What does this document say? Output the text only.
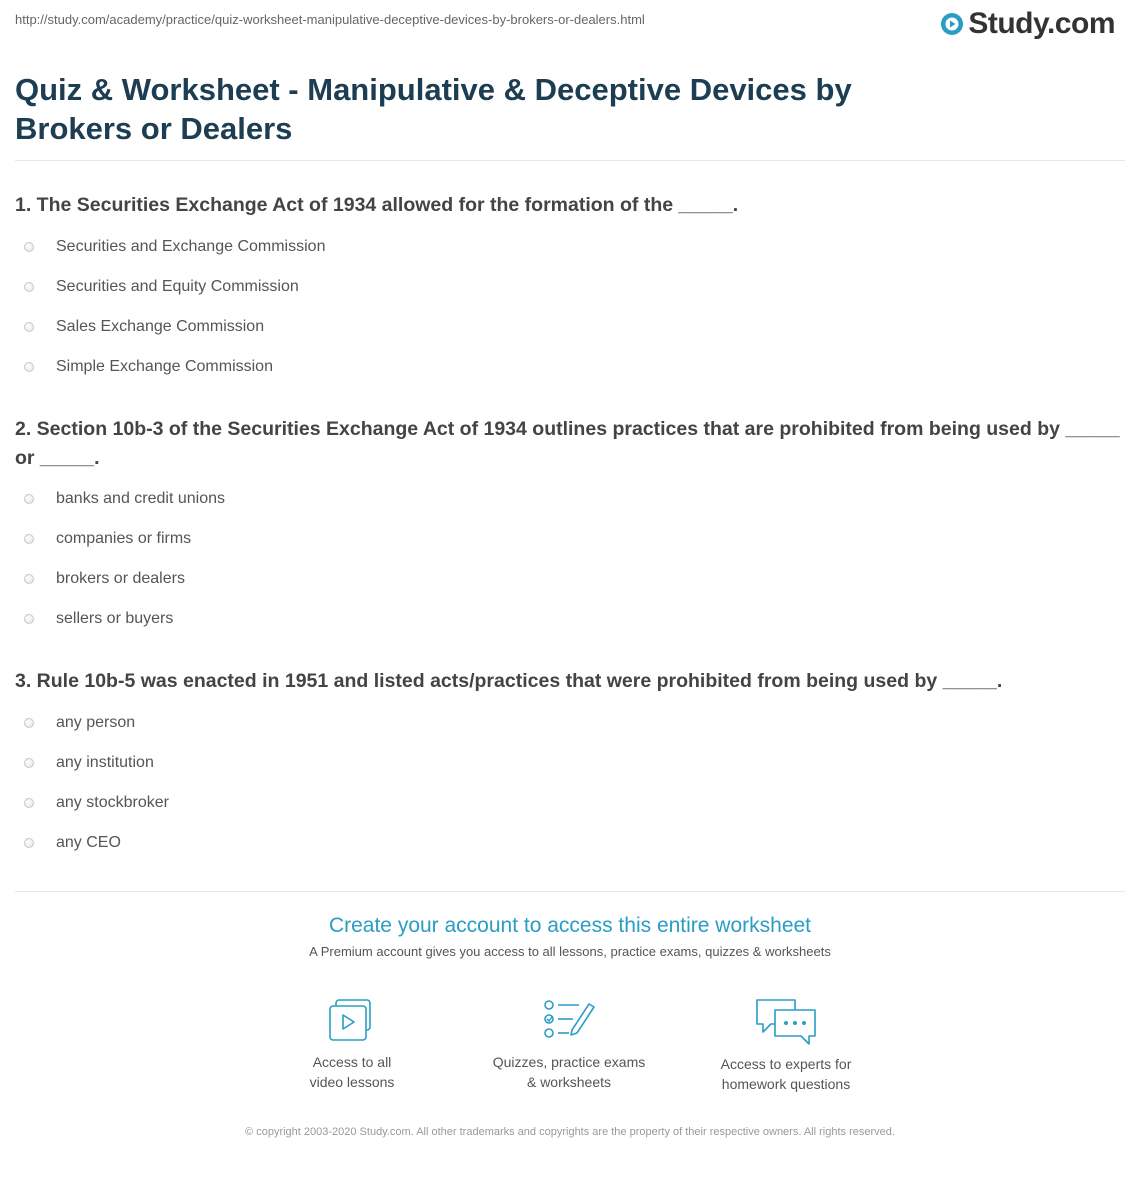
http://study.com/academy/practice/quiz-worksheet-manipulative-deceptive-devices-by-brokers-or-dealers.html	Study.com
Quiz & Worksheet - Manipulative & Deceptive Devices by Brokers or Dealers
1. The Securities Exchange Act of 1934 allowed for the formation of the _____.
Securities and Exchange Commission
Securities and Equity Commission
Sales Exchange Commission
Simple Exchange Commission
2. Section 10b-3 of the Securities Exchange Act of 1934 outlines practices that are prohibited from being used by _____ or _____.
banks and credit unions
companies or firms
brokers or dealers
sellers or buyers
3. Rule 10b-5 was enacted in 1951 and listed acts/practices that were prohibited from being used by _____.
any person
any institution
any stockbroker
any CEO
Create your account to access this entire worksheet
A Premium account gives you access to all lessons, practice exams, quizzes & worksheets
Access to all
video lessons
Quizzes, practice exams
& worksheets
Access to experts for
homework questions
© copyright 2003-2020 Study.com. All other trademarks and copyrights are the property of their respective owners. All rights reserved.
